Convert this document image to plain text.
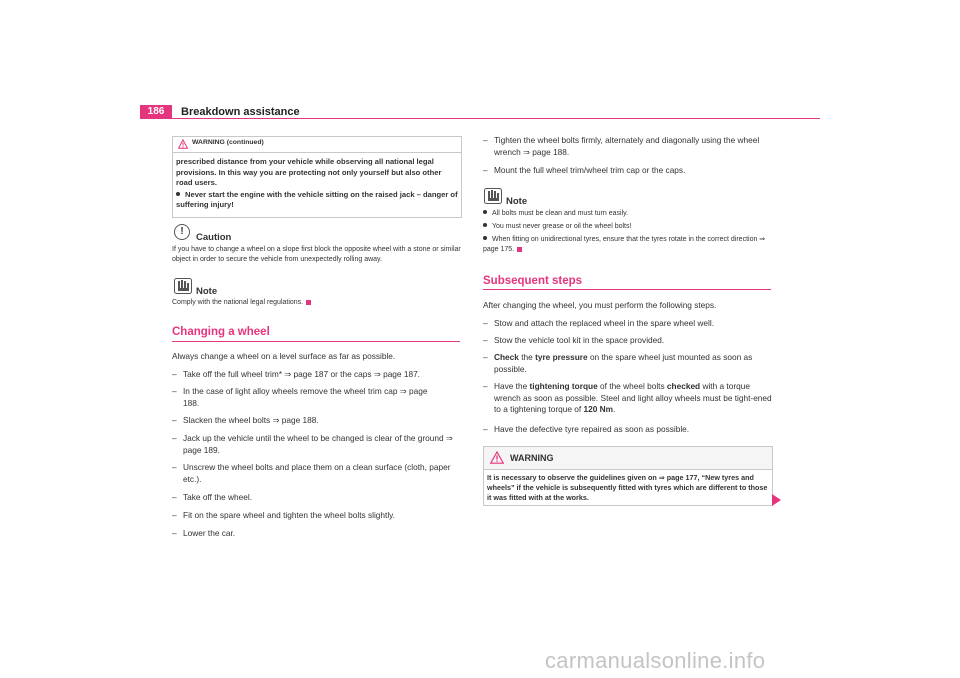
186	Breakdown assistance
WARNING (continued)
prescribed distance from your vehicle while observing all national legal provisions. In this way you are protecting not only yourself but also other road users.
Never start the engine with the vehicle sitting on the raised jack – danger of suffering injury!
!
Caution
If you have to change a wheel on a slope first block the opposite wheel with a stone or similar object in order to secure the vehicle from unexpectedly rolling away.
Note
Comply with the national legal regulations.
Changing a wheel
Always change a wheel on a level surface as far as possible.
– Take off the full wheel trim* ⇒ page 187 or the caps ⇒ page 187.
– In the case of light alloy wheels remove the wheel trim cap ⇒ page 188.
– Slacken the wheel bolts ⇒ page 188.
– Jack up the vehicle until the wheel to be changed is clear of the ground ⇒ page 189.
– Unscrew the wheel bolts and place them on a clean surface (cloth, paper etc.).
– Take off the wheel.
– Fit on the spare wheel and tighten the wheel bolts slightly.
– Lower the car.
– Tighten the wheel bolts firmly, alternately and diagonally using the wheel wrench ⇒ page 188.
– Mount the full wheel trim/wheel trim cap or the caps.
Note
All bolts must be clean and must turn easily.
You must never grease or oil the wheel bolts!
When fitting on unidirectional tyres, ensure that the tyres rotate in the correct direction ⇒ page 175.
Subsequent steps
After changing the wheel, you must perform the following steps.
– Stow and attach the replaced wheel in the spare wheel well.
– Stow the vehicle tool kit in the space provided.
– Check the tyre pressure on the spare wheel just mounted as soon as possible.
– Have the tightening torque of the wheel bolts checked with a torque wrench as soon as possible. Steel and light alloy wheels must be tight-ened to a tightening torque of 120 Nm.
– Have the defective tyre repaired as soon as possible.
WARNING
It is necessary to observe the guidelines given on ⇒ page 177, “New tyres and wheels” if the vehicle is subsequently fitted with tyres which are different to those it was fitted with at the works.
carmanualsonline.info
